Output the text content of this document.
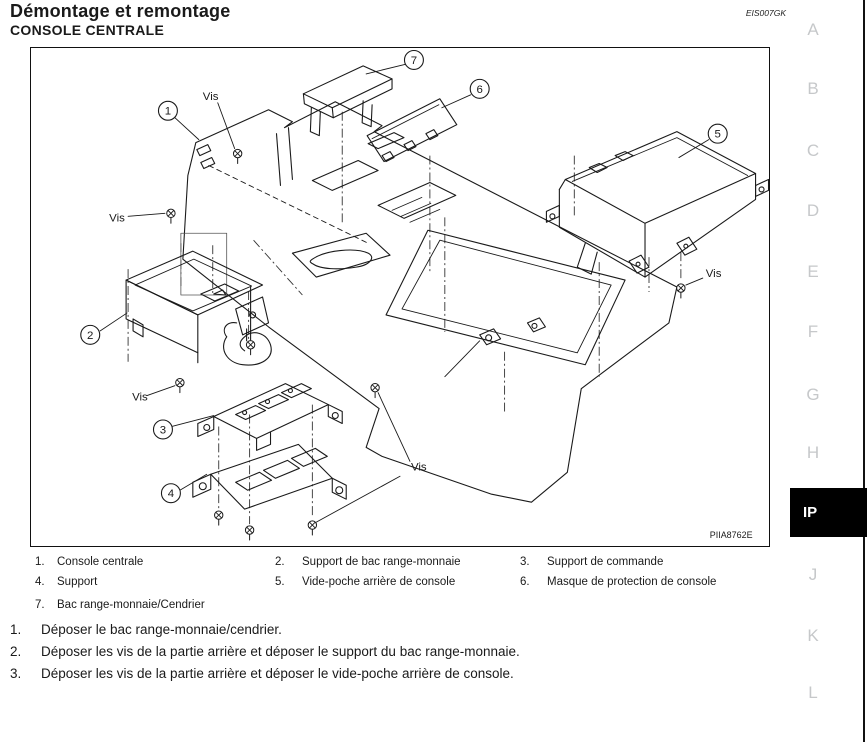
Démontage et remontage
CONSOLE CENTRALE
EIS007GK
1
2
3
4
5
6
7
Vis
Vis
Vis
Vis
Vis
PIIA8762E
1.	Console centrale	2.	Support de bac range-monnaie	3.	Support de commande
4.	Support	5.	Vide-poche arrière de console	6.	Masque de protection de console
7.	Bac range-monnaie/Cendrier
1.	Déposer le bac range-monnaie/cendrier.
2.	Déposer les vis de la partie arrière et déposer le support du bac range-monnaie.
3.	Déposer les vis de la partie arrière et déposer le vide-poche arrière de console.
A
B
C
D
E
F
G
H
IP
J
K
L
